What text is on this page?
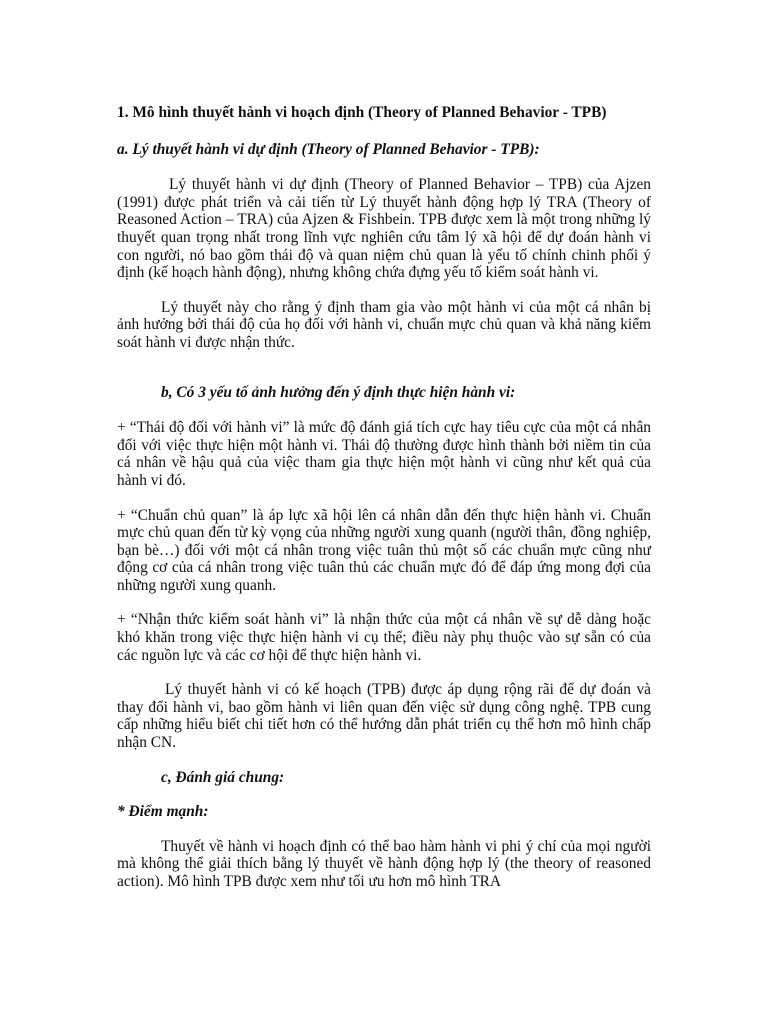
1. Mô hình thuyết hành vi hoạch định (Theory of Planned Behavior - TPB)
a. Lý thuyết hành vi dự định (Theory of Planned Behavior - TPB):

Lý thuyết hành vi dự định (Theory of Planned Behavior – TPB) của Ajzen (1991) được phát triển và cải tiến từ Lý thuyết hành động hợp lý TRA (Theory of Reasoned Action – TRA) của Ajzen & Fishbein. TPB được xem là một trong những lý thuyết quan trọng nhất trong lĩnh vực nghiên cứu tâm lý xã hội để dự đoán hành vi con người, nó bao gồm thái độ và quan niệm chủ quan là yếu tố chính chinh phối ý định (kế hoạch hành động), nhưng không chứa đựng yếu tố kiểm soát hành vi.

Lý thuyết này cho rằng ý định tham gia vào một hành vi của một cá nhân bị ảnh hưởng bởi thái độ của họ đối với hành vi, chuẩn mực chủ quan và khả năng kiểm soát hành vi được nhận thức.

b, Có 3 yếu tố ảnh hưởng đến ý định thực hiện hành vi:

+ “Thái độ đối với hành vi” là mức độ đánh giá tích cực hay tiêu cực của một cá nhân đối với việc thực hiện một hành vi. Thái độ thường được hình thành bởi niềm tin của cá nhân về hậu quả của việc tham gia thực hiện một hành vi cũng như kết quả của hành vi đó.

+ “Chuẩn chủ quan” là áp lực xã hội lên cá nhân dẫn đến thực hiện hành vi. Chuẩn mực chủ quan đến từ kỳ vọng của những người xung quanh (người thân, đồng nghiệp, bạn bè…) đối với một cá nhân trong việc tuân thủ một số các chuẩn mực cũng như động cơ của cá nhân trong việc tuân thủ các chuẩn mực đó để đáp ứng mong đợi của những người xung quanh.

+ “Nhận thức kiểm soát hành vi” là nhận thức của một cá nhân về sự dễ dàng hoặc khó khăn trong việc thực hiện hành vi cụ thể; điều này phụ thuộc vào sự sẵn có của các nguồn lực và các cơ hội để thực hiện hành vi.

Lý thuyết hành vi có kế hoạch (TPB) được áp dụng rộng rãi để dự đoán và thay đổi hành vi, bao gồm hành vi liên quan đến việc sử dụng công nghệ. TPB cung cấp những hiểu biết chi tiết hơn có thể hướng dẫn phát triển cụ thể hơn mô hình chấp nhận CN.

c, Đánh giá chung:
* Điểm mạnh:

Thuyết về hành vi hoạch định có thể bao hàm hành vi phi ý chí của mọi người mà không thể giải thích bằng lý thuyết về hành động hợp lý (the theory of reasoned action). Mô hình TPB được xem như tối ưu hơn mô hình TRA
